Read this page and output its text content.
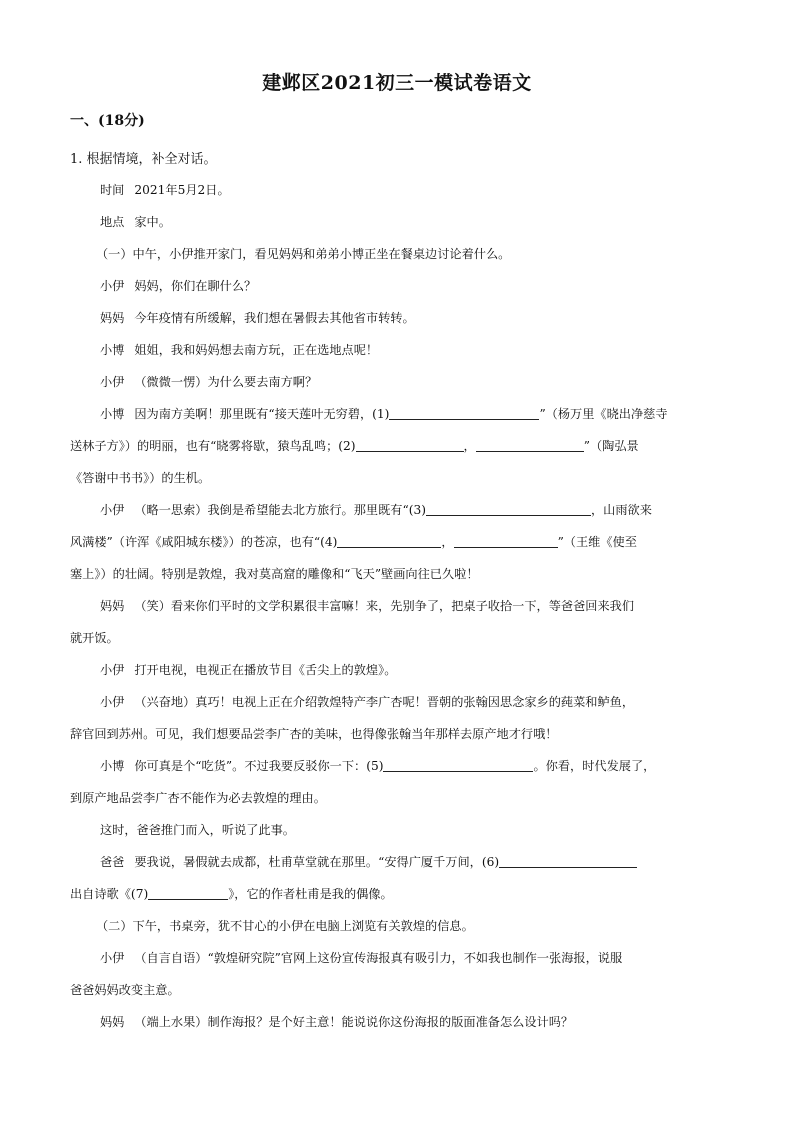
建邺区2021初三一模试卷语文
一、(18分)
1. 根据情境，补全对话。

时间 2021年5月2日。

地点 家中。

（一）中午，小伊推开家门，看见妈妈和弟弟小博正坐在餐桌边讨论着什么。

小伊 妈妈，你们在聊什么？

妈妈 今年疫情有所缓解，我们想在暑假去其他省市转转。

小博 姐姐，我和妈妈想去南方玩，正在选地点呢！

小伊 （微微一愣）为什么要去南方啊？

小博 因为南方美啊！那里既有“接天莲叶无穷碧，(1)	”（杨万里《晓出净慈寺

送林子方》）的明丽，也有“晓雾将歇，猿鸟乱鸣；(2)	，	”（陶弘景

《答谢中书书》）的生机。

小伊 （略一思索）我倒是希望能去北方旅行。那里既有“(3)	，山雨欲来

风满楼”（许浑《咸阳城东楼》）的苍凉，也有“(4)	，	”（王维《使至

塞上》）的壮阔。特别是敦煌，我对莫高窟的雕像和“飞天”壁画向往已久啦！

妈妈 （笑）看来你们平时的文学积累很丰富嘛！来，先别争了，把桌子收拾一下，等爸爸回来我们

就开饭。

小伊 打开电视，电视正在播放节目《舌尖上的敦煌》。

小伊 （兴奋地）真巧！电视上正在介绍敦煌特产李广杏呢！晋朝的张翰因思念家乡的莼菜和鲈鱼，

辞官回到苏州。可见，我们想要品尝李广杏的美味，也得像张翰当年那样去原产地才行哦！

小博 你可真是个“吃货”。不过我要反驳你一下：(5)	。你看，时代发展了，

到原产地品尝李广杏不能作为必去敦煌的理由。

这时，爸爸推门而入，听说了此事。

爸爸 要我说，暑假就去成都，杜甫草堂就在那里。“安得广厦千万间，(6)

出自诗歌《(7)	》，它的作者杜甫是我的偶像。

（二）下午，书桌旁，犹不甘心的小伊在电脑上浏览有关敦煌的信息。

小伊 （自言自语）“敦煌研究院”官网上这份宣传海报真有吸引力，不如我也制作一张海报，说服

爸爸妈妈改变主意。

妈妈 （端上水果）制作海报？是个好主意！能说说你这份海报的版面准备怎么设计吗？
